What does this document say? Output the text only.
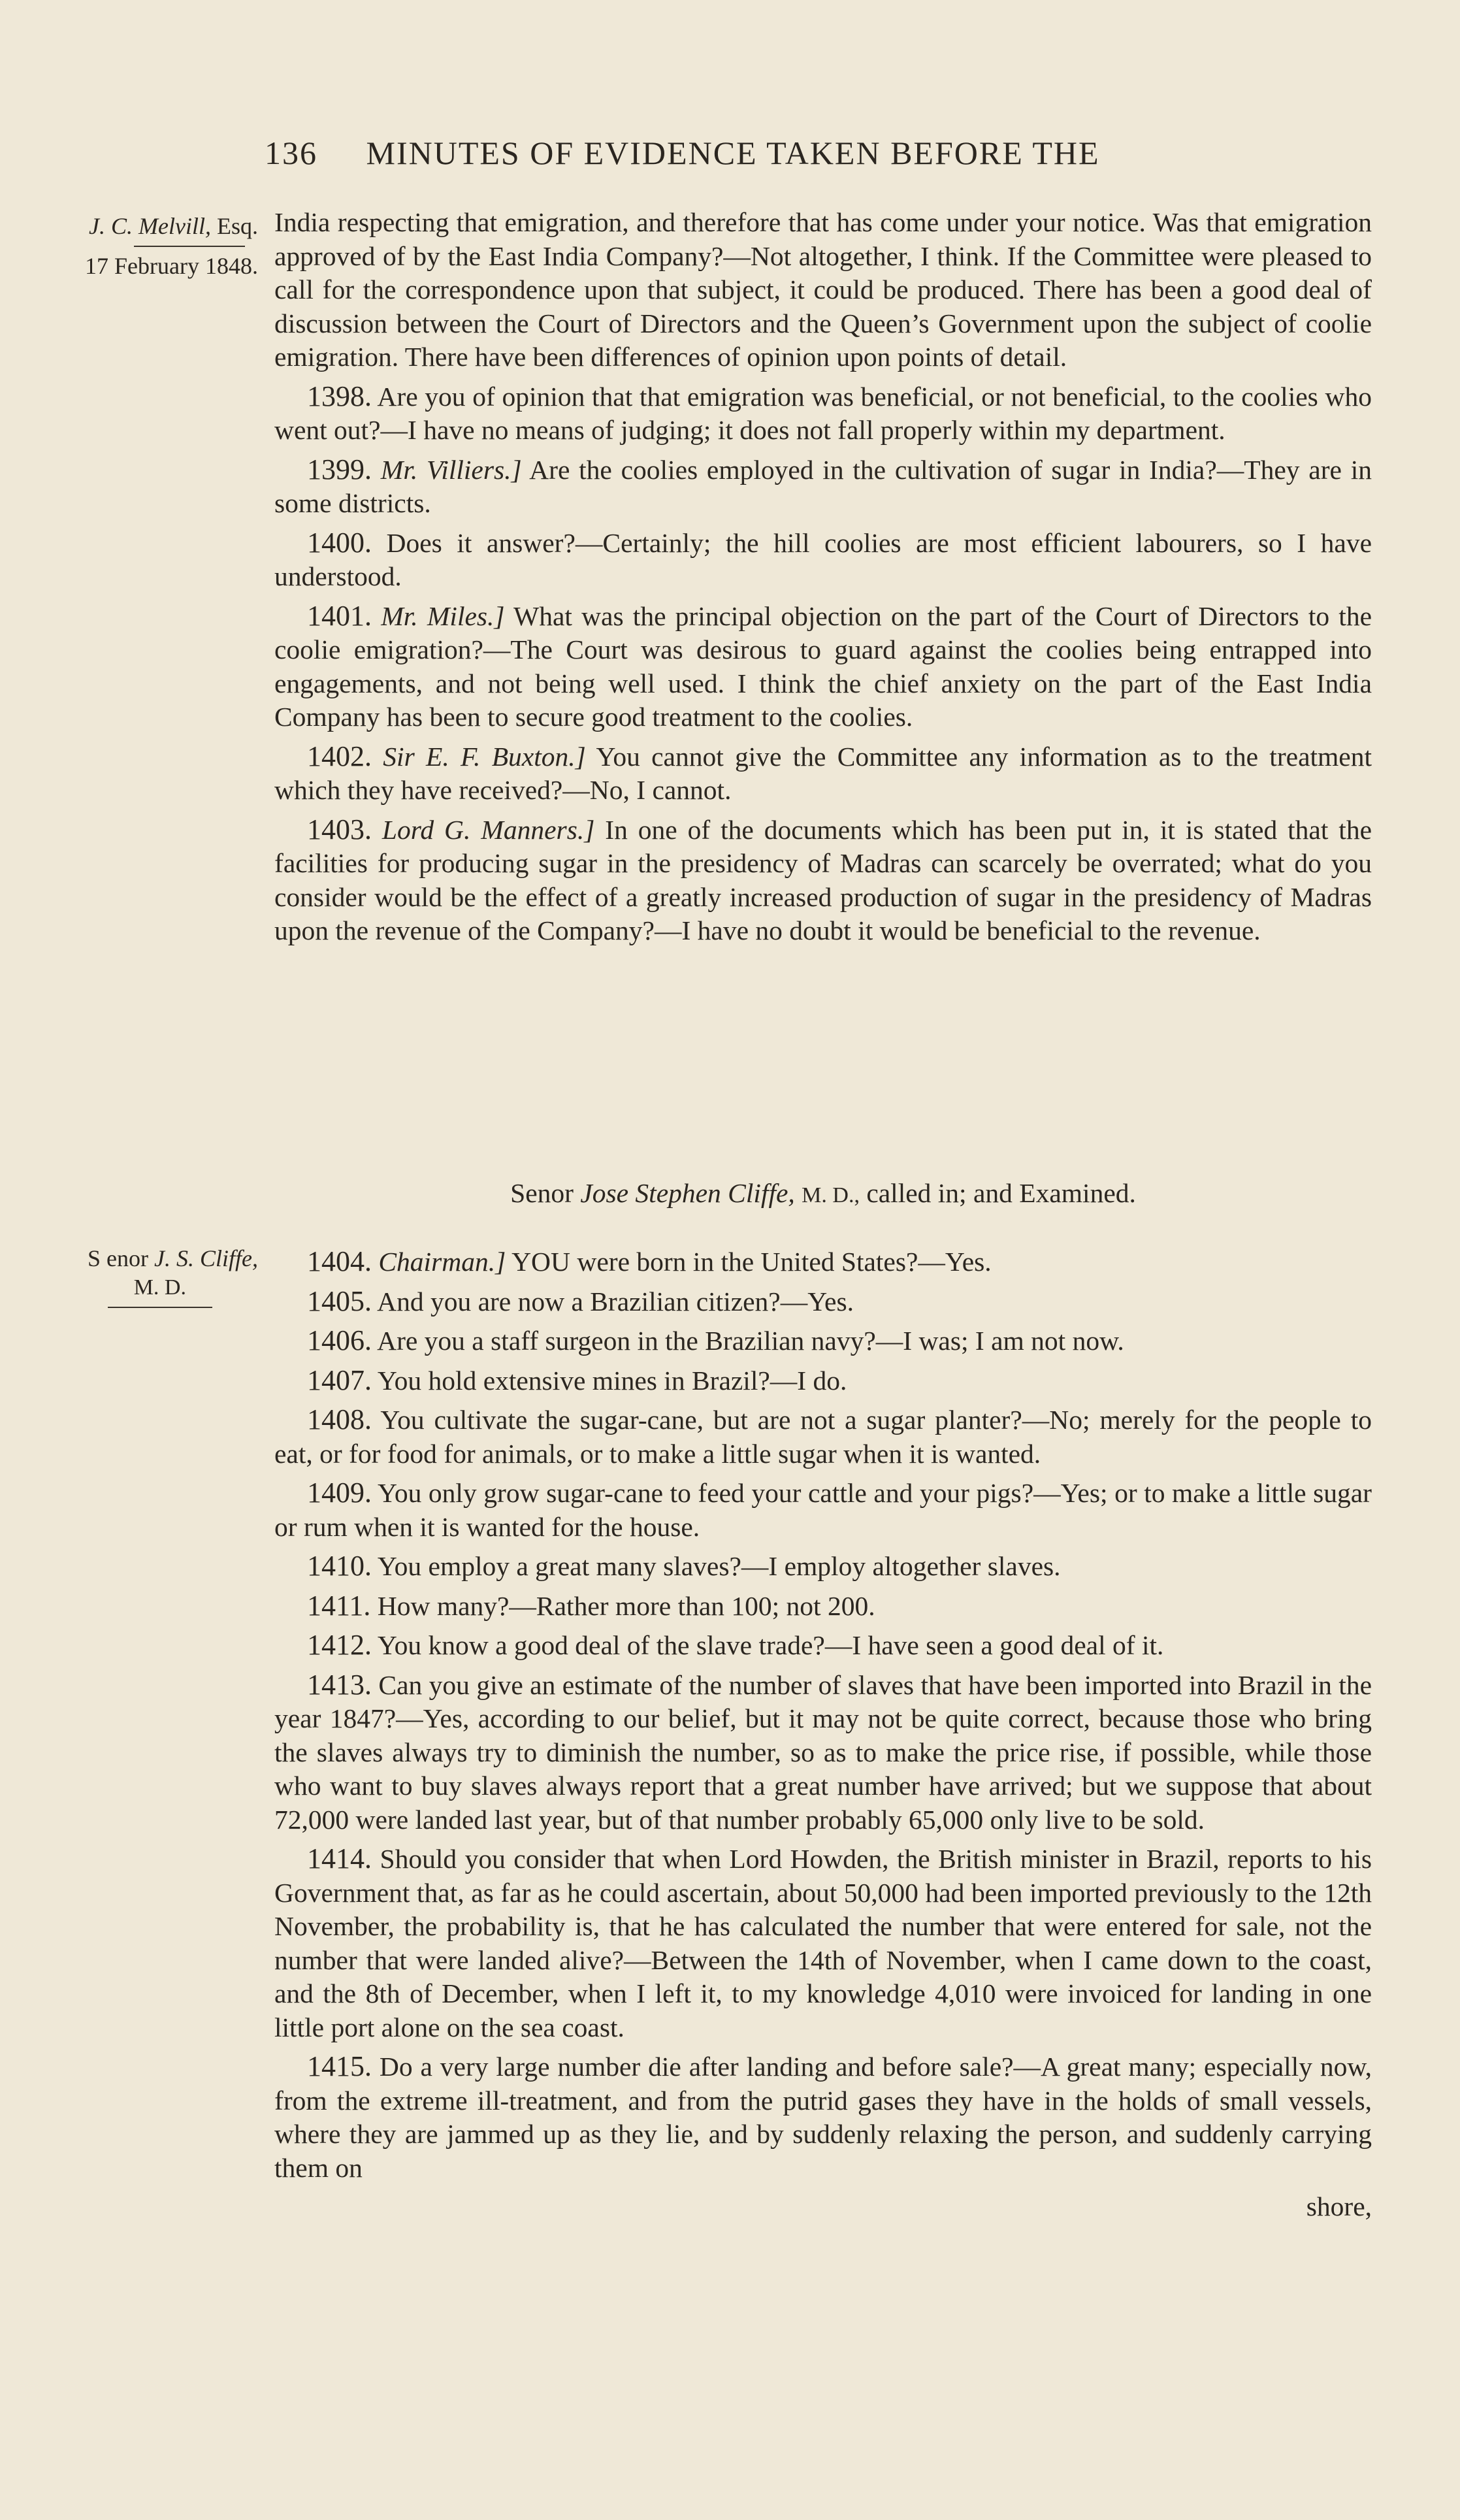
136 MINUTES OF EVIDENCE TAKEN BEFORE THE
J. C. Melvill, Esq.
17 February 1848.

India respecting that emigration, and therefore that has come under your notice. Was that emigration approved of by the East India Company?—Not altogether, I think. If the Committee were pleased to call for the correspondence upon that subject, it could be produced. There has been a good deal of discussion between the Court of Directors and the Queen’s Government upon the subject of coolie emigration. There have been differences of opinion upon points of detail.

1398. Are you of opinion that that emigration was beneficial, or not beneficial, to the coolies who went out?—I have no means of judging; it does not fall properly within my department.

1399. Mr. Villiers.] Are the coolies employed in the cultivation of sugar in India?—They are in some districts.

1400. Does it answer?—Certainly; the hill coolies are most efficient labourers, so I have understood.

1401. Mr. Miles.] What was the principal objection on the part of the Court of Directors to the coolie emigration?—The Court was desirous to guard against the coolies being entrapped into engagements, and not being well used. I think the chief anxiety on the part of the East India Company has been to secure good treatment to the coolies.

1402. Sir E. F. Buxton.] You cannot give the Committee any information as to the treatment which they have received?—No, I cannot.

1403. Lord G. Manners.] In one of the documents which has been put in, it is stated that the facilities for producing sugar in the presidency of Madras can scarcely be overrated; what do you consider would be the effect of a greatly increased production of sugar in the presidency of Madras upon the revenue of the Company?—I have no doubt it would be beneficial to the revenue.

Senor Jose Stephen Cliffe, M. D., called in; and Examined.
S enor J. S. Cliffe,
M. D.

1404. Chairman.] YOU were born in the United States?—Yes.

1405. And you are now a Brazilian citizen?—Yes.

1406. Are you a staff surgeon in the Brazilian navy?—I was; I am not now.

1407. You hold extensive mines in Brazil?—I do.

1408. You cultivate the sugar-cane, but are not a sugar planter?—No; merely for the people to eat, or for food for animals, or to make a little sugar when it is wanted.

1409. You only grow sugar-cane to feed your cattle and your pigs?—Yes; or to make a little sugar or rum when it is wanted for the house.

1410. You employ a great many slaves?—I employ altogether slaves.

1411. How many?—Rather more than 100; not 200.

1412. You know a good deal of the slave trade?—I have seen a good deal of it.

1413. Can you give an estimate of the number of slaves that have been imported into Brazil in the year 1847?—Yes, according to our belief, but it may not be quite correct, because those who bring the slaves always try to diminish the number, so as to make the price rise, if possible, while those who want to buy slaves always report that a great number have arrived; but we suppose that about 72,000 were landed last year, but of that number probably 65,000 only live to be sold.

1414. Should you consider that when Lord Howden, the British minister in Brazil, reports to his Government that, as far as he could ascertain, about 50,000 had been imported previously to the 12th November, the probability is, that he has calculated the number that were entered for sale, not the number that were landed alive?—Between the 14th of November, when I came down to the coast, and the 8th of December, when I left it, to my knowledge 4,010 were invoiced for landing in one little port alone on the sea coast.

1415. Do a very large number die after landing and before sale?—A great many; especially now, from the extreme ill-treatment, and from the putrid gases they have in the holds of small vessels, where they are jammed up as they lie, and by suddenly relaxing the person, and suddenly carrying them on

shore,
